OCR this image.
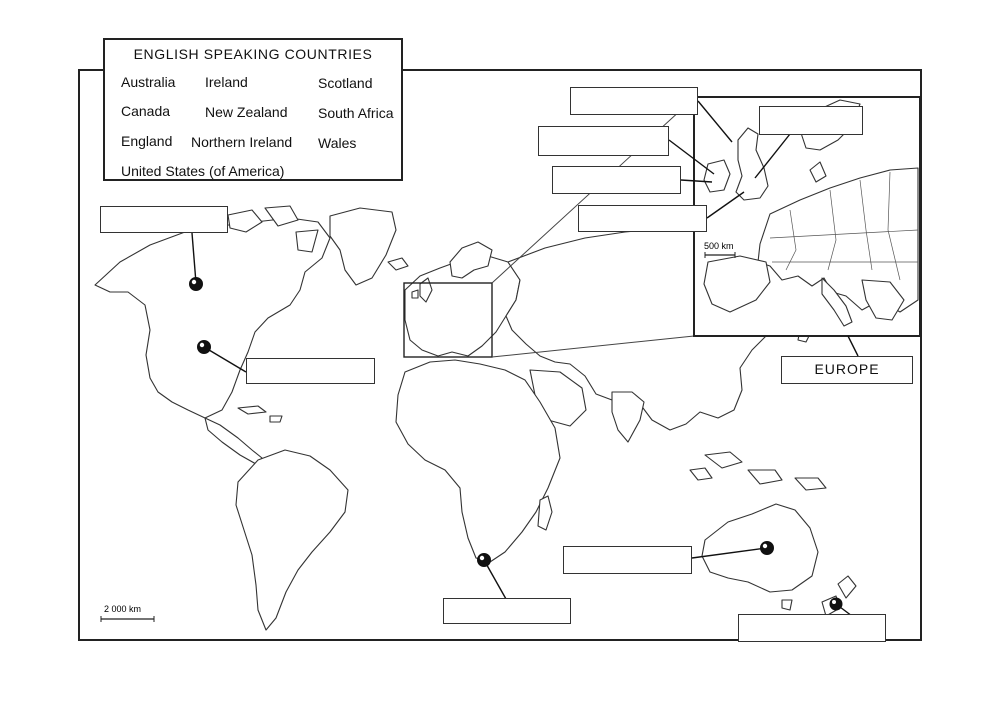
500 km
2 000 km
ENGLISH SPEAKING COUNTRIES
Australia Ireland	Scotland
Canada New Zealand South Africa
England Northern Ireland Wales
United States (of America)
EUROPE
